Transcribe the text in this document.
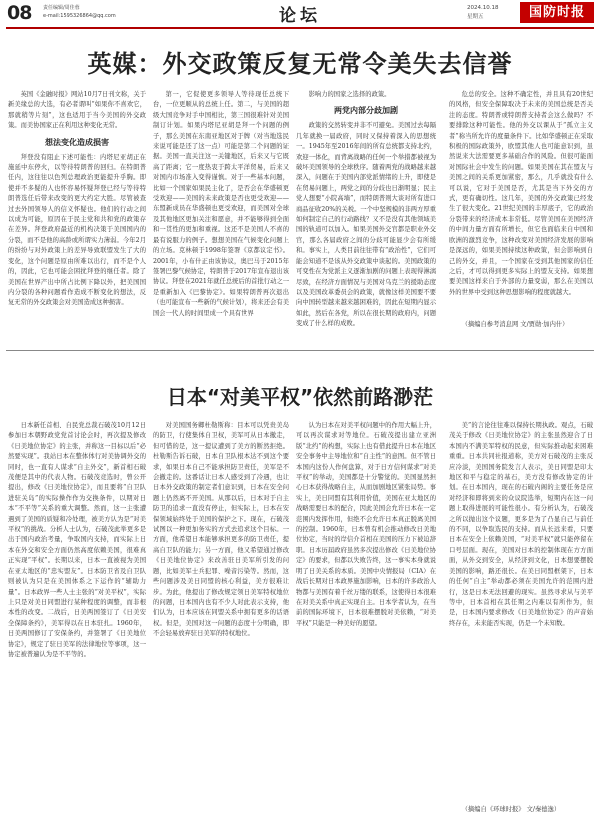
08 责任编辑/周佳蓉
e-mail:1595326864@qq.com	论坛	2024.10.18
星期五	国防时报
英媒：外交政策反复无常令美失去信誉

英国《金融时报》网站10月7日刊文称，关于新美缘总的大选，有必者谓叫“如果你不喜欢它，那就稍等片刻”，这也适用于当今美国的外交政策。而美协国家正在利用这种变化无常。

想法变化造成损害

拜登没有阻止下述可能性：内塔尼亚胡正在施延中东停火，以等待特朗普的回归。在特朗普任内，这往往以色列总理政治更能提升乎胸。即使并不多疑的人也怀容易怀疑拜登已经与等待特朗普选任后带来改变的更大约定大胜。尽管被查过去外国领导人的信义怀疑也。他们的行动之间以成为可能，原因在于民主党和共和党的政策存在差异。拜登政府最近的机构决策于美国国内的分裂，而不是他的高龄或所谓实力薄弱。今年2月的纷纷与对外政策上的差异导致联盟发生了大的变化，这个问题是原由所难以出行，而不是个人的，因此，它也可能会困扰拜登的继任者。除了美国在世界产出中所占比例下降以外，把美国国内分裂的各种问题看作造成不断变化的想法，反复无常的外交政策会对美国造成这种损害。

第一，它促使更多领导人等待现任总统下台，一位更顺从的总统上任。第二，与美国的超级大国竞争对手中国相比，第三国很难针对美国制订计划。如果内塔尼亚胡是拜一个问题的例子，那么美国在东南亚地区对于牌（对当地选民来说可能是还了这一点）可能是第二个问题的证据。美国一直关注这一关键地区，后来又与它既高了距离；它一度热衷于跨太平洋贸易，后来又对国内市场准入变得谨慎。对于一些基本问题，比如一个国家如果民主化了，是否会在华盛顿更受欢迎——美国的未来政策是否也更受欢迎——东盟新成员在华盛顿也更受欢迎，而美国对全球及其他地区更加关注和愿意，并不能够得到全面和一贯性的更加和重视。这还不是美国人不喜的最有说服力的例子。想想美国在气候变化问题上的立场。克林顿于1998年签署《京都议定书》。2001年，小布什正由该协议，奥巴马于2015年签署巴黎气候协定，特朗普于2017年宣布退出该协议。拜登在2021年就任总统后的首批行动之一是重新加入《巴黎协定》。如果特朗普再次退出（也可能宣布一些新的气候计划），将来还会有美国会一代人的时间里成一个具有世界

影响力的国家之选择的政策。

两党内部分歧加剧

政策的交然转变并非不可避免。美国过去每隔几年就换一届政府，同时又保持着深入的思想统一。1945年至2016年间的所有总统都支持北约，欢迎一体化，而背离战略的任何一个举措都被视为破坏美国领导的全球秩序。随着两党的战略越来越深入，问题在于美国内部党派情绪的上升，即使是在贸易问题上，两党之间的分歧也日渐明显；民主党人想要“小院高墙”，而特朗普则大谈对所有进口商品征收20%的关税。一个中坚规模的非两方厚重如何制定自己的行动路线？又不是没有其他领域美国的轨道可以加入。如果美国外交官都是职业外交官，那么各届政府之间的分歧可能显少会有所缓和。事实上，人类目前往往带有“政治性”，它们可能会知道不是该从外交政策中谈起的。美国政策的可变性在为党派主义逐渐加剧的问题上表现得淋漓尽致，在经济方面情况与美国对乌克兰的援助态度以及美国改革委员会的政策，就像这样美国要不要向中国转型越来越来越困难的，因此在短期内显示如此，然后在各党，所以在很长期的政府内，问题变成了什么样的成败。

危总的安全。这种不确定性，并且具有20世纪的风格，但安全保障取决于未来的美国总统是否关注的态度。特朗普或特朗普支持者会这么做吗？不要排除这种可能性。他的外交以课从于“孤立主义者”称当所允许的度量条件下。比如华盛顿正在采取积极的国际政策外，欧盟其他人也可能意识到，虽然说来大法需要更多基础合作的风险。但很可能面对国际社会中发生的问题。如果美国在其在盟友与美国之间的关系更加紧密，那么，几乎就没有什么可以说，它对于美国是否，尤其是当下外交的方式，更有确切性。这几年，美国的外交政策已经发生了很大变化。21世纪美国的丰厚底子，它的政治分裂带来的经济成本非常低。尽管美国在美国经济的中间力量方面有所增长，但它也面临来自中国和欧洲的激烈竞争，这种改变对美国经济发展的影响是深远的，如果美国持续这种政策，但会影响到自己的外交，并且，一个国家在受到其他国家的信任之后，才可以得到更多实际上的盟友支持。如果想要美国这样来自于外部的力量变弱，那么在美国以外的世界中受到这种思想影响的程度就越大。

（摘编自参考消息网 文/贾勋·加内什）

日本“对美平权”依然前路渺茫

日本新任首相、自民党总裁石破茂10月12日参加日本朝野政党党首讨论会时，再次提及修改《日美地位协定》的主张，并称这一目标以后“必然要实现”。我站日本在整体体行对美协调外交的同时，也一直有人谋求“自主外交”，新首相石破茂便是其中的代表人物。石破茂竞选时，曾公开提出，修改《日美地位协定》，而且要将“自卫队进驻关岛”的实际操作作为交换条件，以期对日本“不平等”关系的重大调整。然而，这一主张遭遇到了美国的质疑和冷处理，被美方认为是“对美平权”的挑战。分析人士认为，石破茂此举更多是出于国内政治考量，争取国内支持，而实际上日本在外交和安全方面仍然高度依赖美国，很难真正实现“平权”。长期以来，日本一直被视为美国在亚太地区的“忠实盟友”。日本防卫省及自卫队则被认为只是在美国体系之下运作的“辅助力量”。日本政界一些人士主张的“对美平权”，实际上只是对美日同盟进行某种程度的调整，而非根本性的改变。二战后，日美两国签订了《日美安全保障条约》，美军得以在日本驻扎。1960年，日美两国修订了安保条约，并签署了《日美地位协定》，规定了驻日美军的法律地位等事项，这一协定被普遍认为是不平等的。

对美国国务卿杜勒斯称：目本可以凭贵美岛的防卫，行使集体自卫权，美军可从日本撤走，但可惜的是，这一提议遭到了美方的断然拒绝。杜勒斯告诉石破，日本自卫队根本达不到这个要求，如果日本自己不能承担防卫责任，美军是不会撤走的。这番话让日本人感受到了冷遇，也让日本外交政策的制定者们意识到，日本在安全问题上仍然离不开美国。从那以后，日本对于自主防卫的追求一直没有停止，但实际上，日本在安保领域始终处于美国的保护之下。现在，石破茂试图以一种更加务实的方式去追求这个目标。一方面，他希望日本能够承担更多的防卫责任，提高自卫队的能力；另一方面，他又希望通过修改《日美地位协定》来改善驻日美军所引发的问题，比如美军士兵犯罪、噪音污染等。然而，这些问题涉及美日同盟的核心利益，美方很难让步。为此，他提出了修改规定领日美军特权地位的问题，日本国内也有不少人对此表示支持，他们认为，日本应该在同盟关系中拥有更多的话语权。但是，美国对这一问题的态度十分明确，即不会轻易放弃驻日美军的特权地位。

认为日本在对美平权问题中的作用大幅上升，可以再次谋求对等地位。石破茂提出建立亚洲版“北约”的构想，实际上也有借此提升日本在地区安全事务中主导地位和“自主性”的意图。但不管日本国内这份人作何盘算，对于日方信何谋求“对美平权”的举动，美国都是十分警觉的。美国显然担心日本获得战略自主，从而加剧地区紧张局势。事实上，美日同盟有其利用价值，美国在亚太地区的战略需要日本的配合，因此美国会允许日本在一定范围内发挥作用，但绝不会允许日本真正脱离美国的控制。1960年，日本曾有机会推动修改日美地位协定，当时的岸信介首相在美国的压力下被迫辞职。日本历届政府虽然多次提出修改《日美地位协定》的要求，但都以失败告终，这一事实本身就说明了日美关系的本质。美国中央情报局（CIA）在战后长期对日本政界施加影响，日本的许多政治人物都与美国有着千丝万缕的联系，这使得日本很难在对美关系中真正实现自主。日本学者认为，在当前的国际环境下，日本很难摆脱对美依赖，“对美平权”只能是一种美好的愿望。

美”的言论往往难以保持长期执政。观点，石破茂关于修改《日美地位协定》的主张虽然迎合了日本国内不满美军特权的民意，但实际推动起来困难重重。日本共同社报道称，美方对石破茂的主张反应冷淡，美国国务院发言人表示，美日同盟是印太地区和平与稳定的基石，美方没有修改协定的计划。在日本国内，现在的石破内阁的主要任务是应对经济和即将到来的众议院选举，短期内在这一问题上取得进展的可能性很小。有分析认为，石破茂之所以抛出这个议题，更多是为了凸显自己与前任的不同，以争取选民的支持。而从长远来看，只要日本在安全上依赖美国，“对美平权”就只能停留在口号层面。现在，美国对日本的控制体现在方方面面，从外交到安全，从经济到文化，日本想要摆脱美国的影响，路还很长。在美日同盟框架下，日本的任何“自主”举动都必须在美国允许的范围内进行，这是日本无法回避的现实。虽然寻求从与美平等中，日本首相在其任期之内难以有所作为，但是，日本国内要求修改《日美地位协定》的声音始终存在，未来能否实现，仍是一个未知数。

（摘编自《环球时报》 文/秦德逸）
